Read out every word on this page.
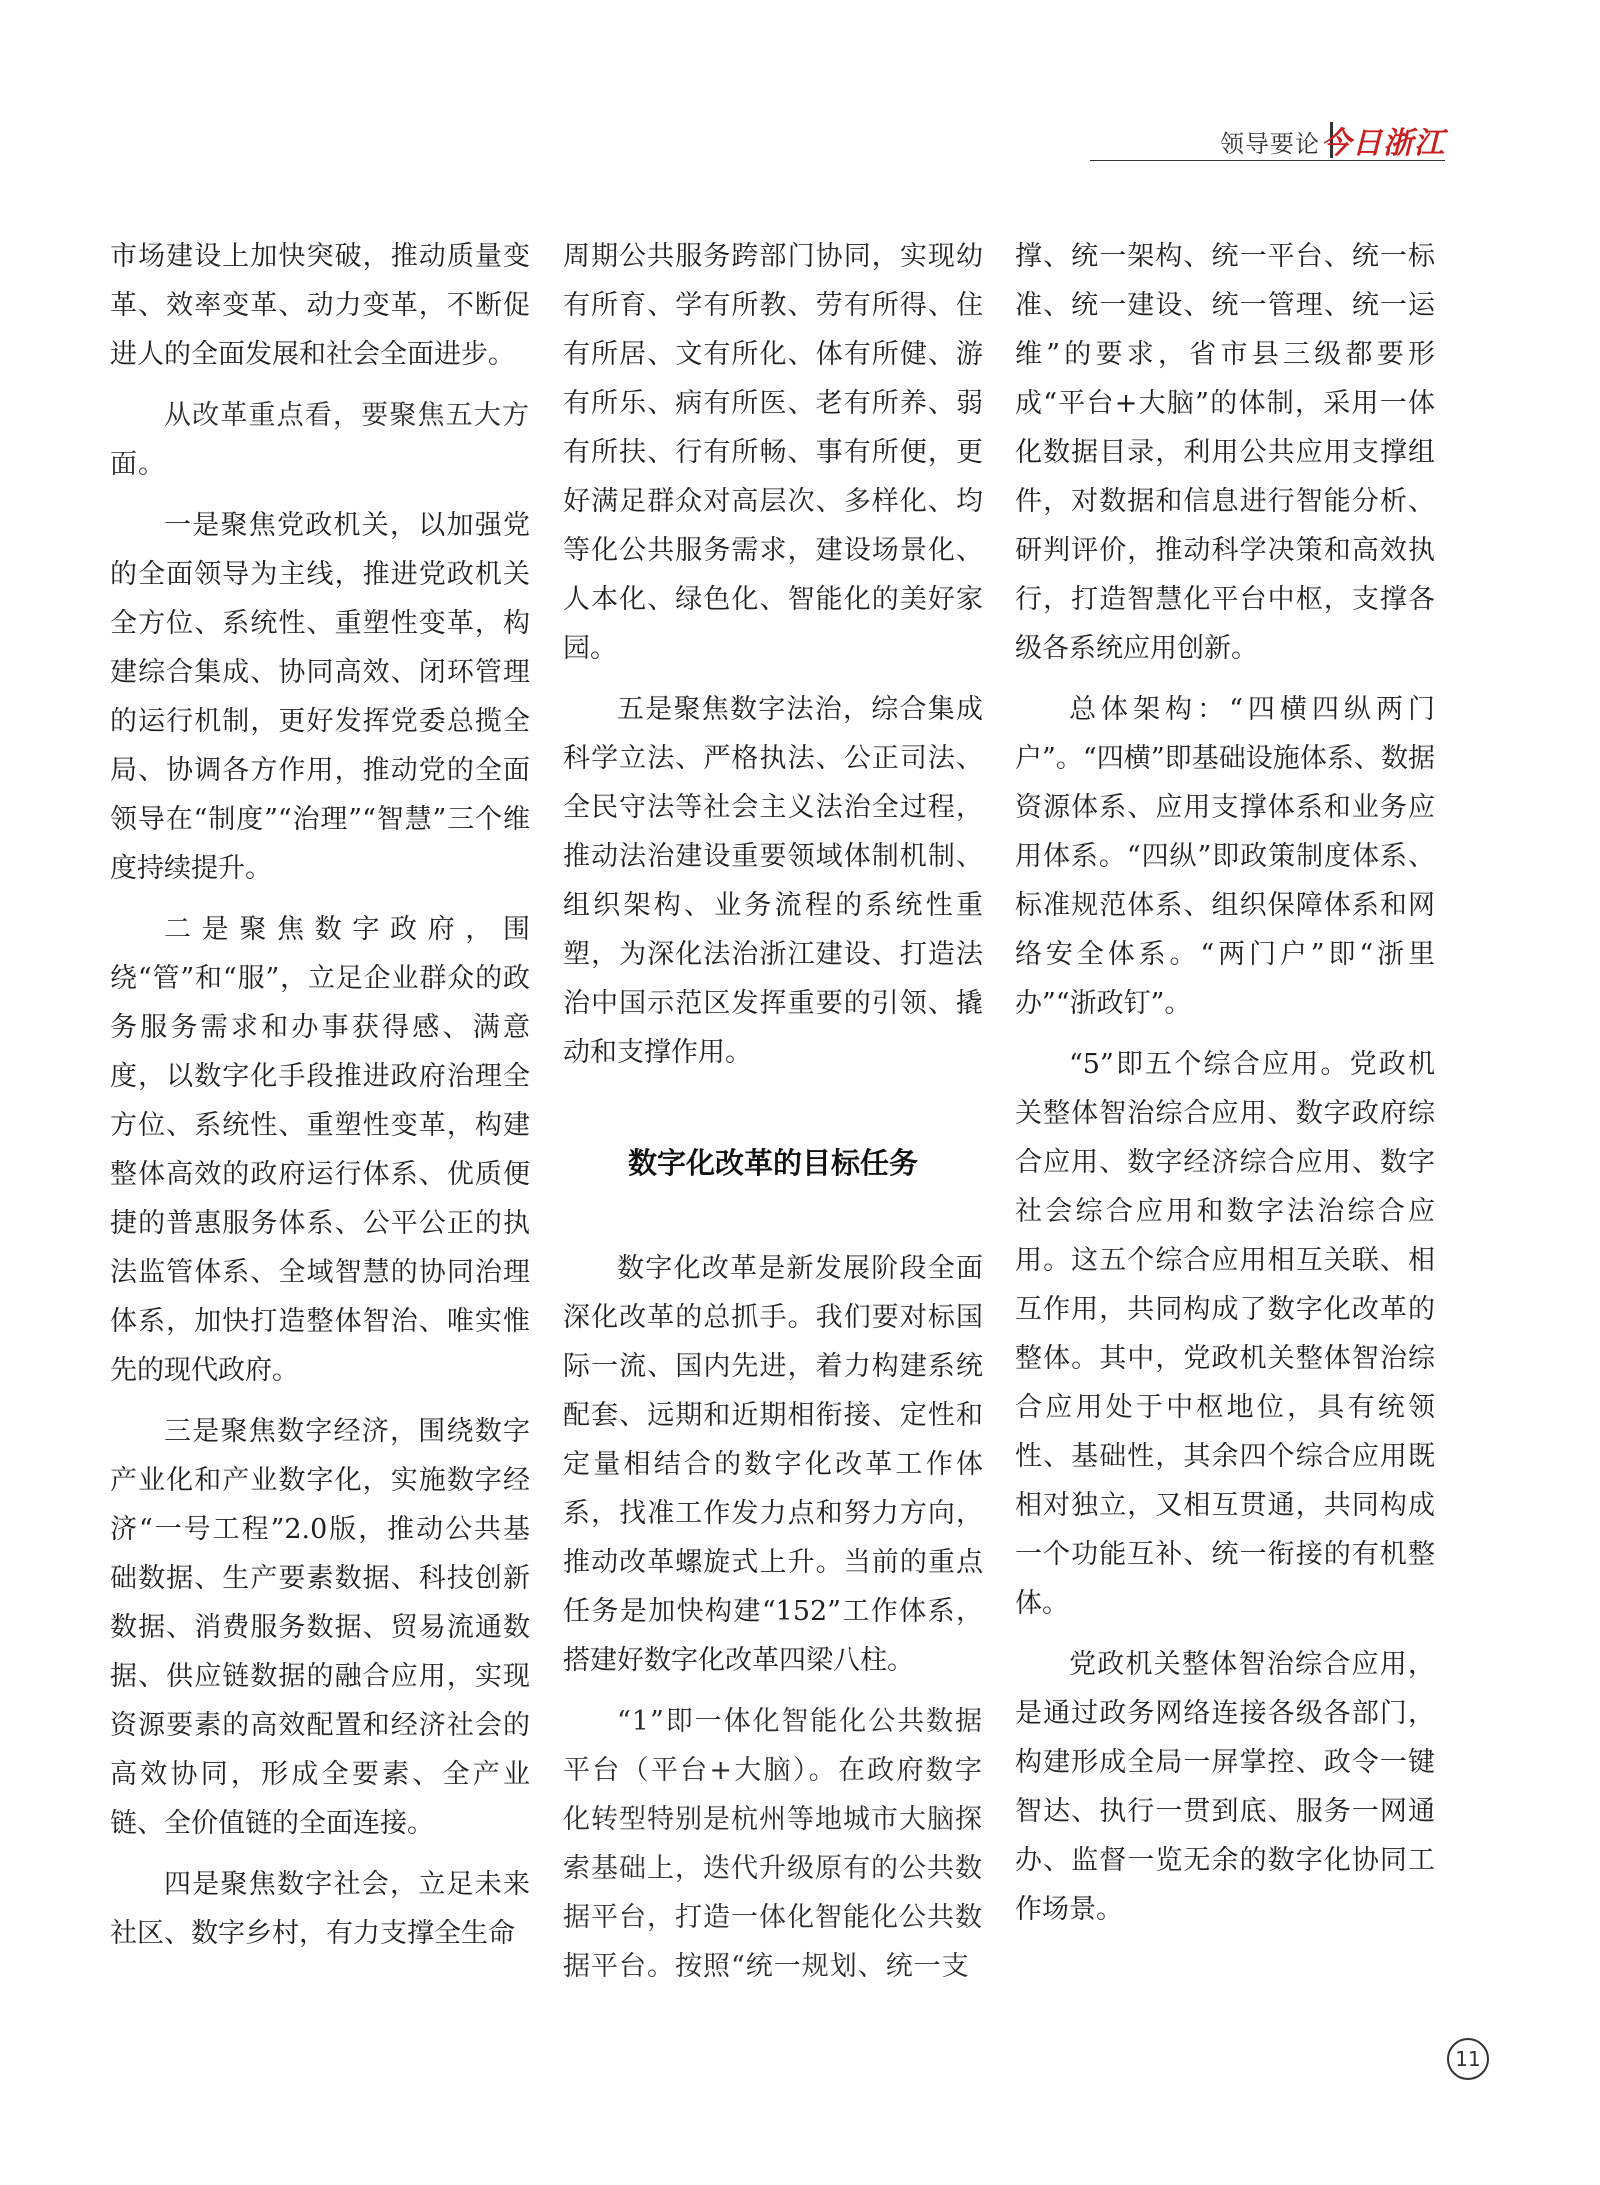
领导要论 今日浙江

市场建设上加快突破，推动质量变革、效率变革、动力变革，不断促进人的全面发展和社会全面进步。

从改革重点看，要聚焦五大方面。

一是聚焦党政机关，以加强党的全面领导为主线，推进党政机关全方位、系统性、重塑性变革，构建综合集成、协同高效、闭环管理的运行机制，更好发挥党委总揽全局、协调各方作用，推动党的全面领导在“制度”“治理”“智慧”三个维度持续提升。

二是聚焦数字政府，围绕“管”和“服”，立足企业群众的政务服务需求和办事获得感、满意度，以数字化手段推进政府治理全方位、系统性、重塑性变革，构建整体高效的政府运行体系、优质便捷的普惠服务体系、公平公正的执法监管体系、全域智慧的协同治理体系，加快打造整体智治、唯实惟先的现代政府。

三是聚焦数字经济，围绕数字产业化和产业数字化，实施数字经济“一号工程”2.0版，推动公共基础数据、生产要素数据、科技创新数据、消费服务数据、贸易流通数据、供应链数据的融合应用，实现资源要素的高效配置和经济社会的高效协同，形成全要素、全产业链、全价值链的全面连接。

四是聚焦数字社会，立足未来社区、数字乡村，有力支撑全生命

周期公共服务跨部门协同，实现幼有所育、学有所教、劳有所得、住有所居、文有所化、体有所健、游有所乐、病有所医、老有所养、弱有所扶、行有所畅、事有所便，更好满足群众对高层次、多样化、均等化公共服务需求，建设场景化、人本化、绿色化、智能化的美好家园。

五是聚焦数字法治，综合集成科学立法、严格执法、公正司法、全民守法等社会主义法治全过程，推动法治建设重要领域体制机制、组织架构、业务流程的系统性重塑，为深化法治浙江建设、打造法治中国示范区发挥重要的引领、撬动和支撑作用。

数字化改革的目标任务

数字化改革是新发展阶段全面深化改革的总抓手。我们要对标国际一流、国内先进，着力构建系统配套、远期和近期相衔接、定性和定量相结合的数字化改革工作体系，找准工作发力点和努力方向，推动改革螺旋式上升。当前的重点任务是加快构建“152”工作体系，搭建好数字化改革四梁八柱。

“1”即一体化智能化公共数据平台（平台+大脑）。在政府数字化转型特别是杭州等地城市大脑探索基础上，迭代升级原有的公共数据平台，打造一体化智能化公共数据平台。按照“统一规划、统一支

撑、统一架构、统一平台、统一标准、统一建设、统一管理、统一运维”的要求，省市县三级都要形成“平台+大脑”的体制，采用一体化数据目录，利用公共应用支撑组件，对数据和信息进行智能分析、研判评价，推动科学决策和高效执行，打造智慧化平台中枢，支撑各级各系统应用创新。

总体架构：“四横四纵两门户”。“四横”即基础设施体系、数据资源体系、应用支撑体系和业务应用体系。“四纵”即政策制度体系、标准规范体系、组织保障体系和网络安全体系。“两门户”即“浙里办”“浙政钉”。

“5”即五个综合应用。党政机关整体智治综合应用、数字政府综合应用、数字经济综合应用、数字社会综合应用和数字法治综合应用。这五个综合应用相互关联、相互作用，共同构成了数字化改革的整体。其中，党政机关整体智治综合应用处于中枢地位，具有统领性、基础性，其余四个综合应用既相对独立，又相互贯通，共同构成一个功能互补、统一衔接的有机整体。

党政机关整体智治综合应用，是通过政务网络连接各级各部门，构建形成全局一屏掌控、政令一键智达、执行一贯到底、服务一网通办、监督一览无余的数字化协同工作场景。

11
